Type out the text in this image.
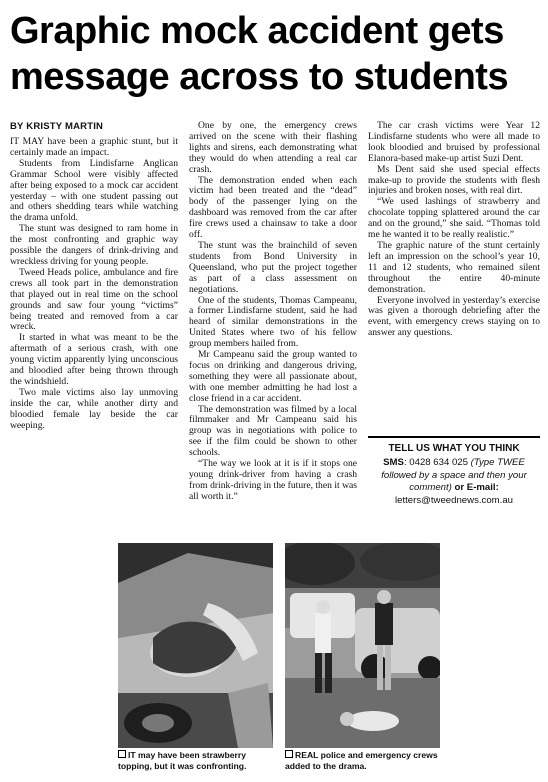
Graphic mock accident gets message across to students
BY KRISTY MARTIN

IT MAY have been a graphic stunt, but it certainly made an impact.

Students from Lindisfarne Anglican Grammar School were visibly affected after being exposed to a mock car accident yesterday – with one student passing out and others shedding tears while watching the drama unfold.

The stunt was designed to ram home in the most confronting and graphic way possible the dangers of drink-driving and wreckless driving for young people.

Tweed Heads police, ambulance and fire crews all took part in the demonstration that played out in real time on the school grounds and saw four young “victims” being treated and removed from a car wreck.

It started in what was meant to be the aftermath of a serious crash, with one young victim apparently lying unconscious and bloodied after being thrown through the windshield.

Two male victims also lay unmoving inside the car, while another dirty and bloodied female lay beside the car weeping.

One by one, the emergency crews arrived on the scene with their flashing lights and sirens, each demonstrating what they would do when attending a real car crash.

The demonstration ended when each victim had been treated and the “dead” body of the passenger lying on the dashboard was removed from the car after fire crews used a chainsaw to take a door off.

The stunt was the brainchild of seven students from Bond University in Queensland, who put the project together as part of a class assessment on negotiations.

One of the students, Thomas Campeanu, a former Lindisfarne student, said he had heard of similar demonstrations in the United States where two of his fellow group members hailed from.

Mr Campeanu said the group wanted to focus on drinking and dangerous driving, something they were all passionate about, with one member admitting he had lost a close friend in a car accident.

The demonstration was filmed by a local filmmaker and Mr Campeanu said his group was in negotiations with police to see if the film could be shown to other schools.

“The way we look at it is if it stops one young drink-driver from having a crash from drink-driving in the future, then it was all worth it.”

The car crash victims were Year 12 Lindisfarne students who were all made to look bloodied and bruised by professional Elanora-based make-up artist Suzi Dent.

Ms Dent said she used special effects make-up to provide the students with flesh injuries and broken noses, with real dirt.

“We used lashings of strawberry and chocolate topping splattered around the car and on the ground,” she said. “Thomas told me he wanted it to be really realistic.”

The graphic nature of the stunt certainly left an impression on the school’s year 10, 11 and 12 students, who remained silent throughout the entire 40-minute demonstration.

Everyone involved in yesterday’s exercise was given a thorough debriefing after the event, with emergency crews staying on to answer any questions.

TELL US WHAT YOU THINK
SMS: 0428 634 025 (Type TWEE followed by a space and then your comment) or E-mail: letters@tweednews.com.au
IT may have been strawberry topping, but it was confronting.
REAL police and emergency crews added to the drama.
